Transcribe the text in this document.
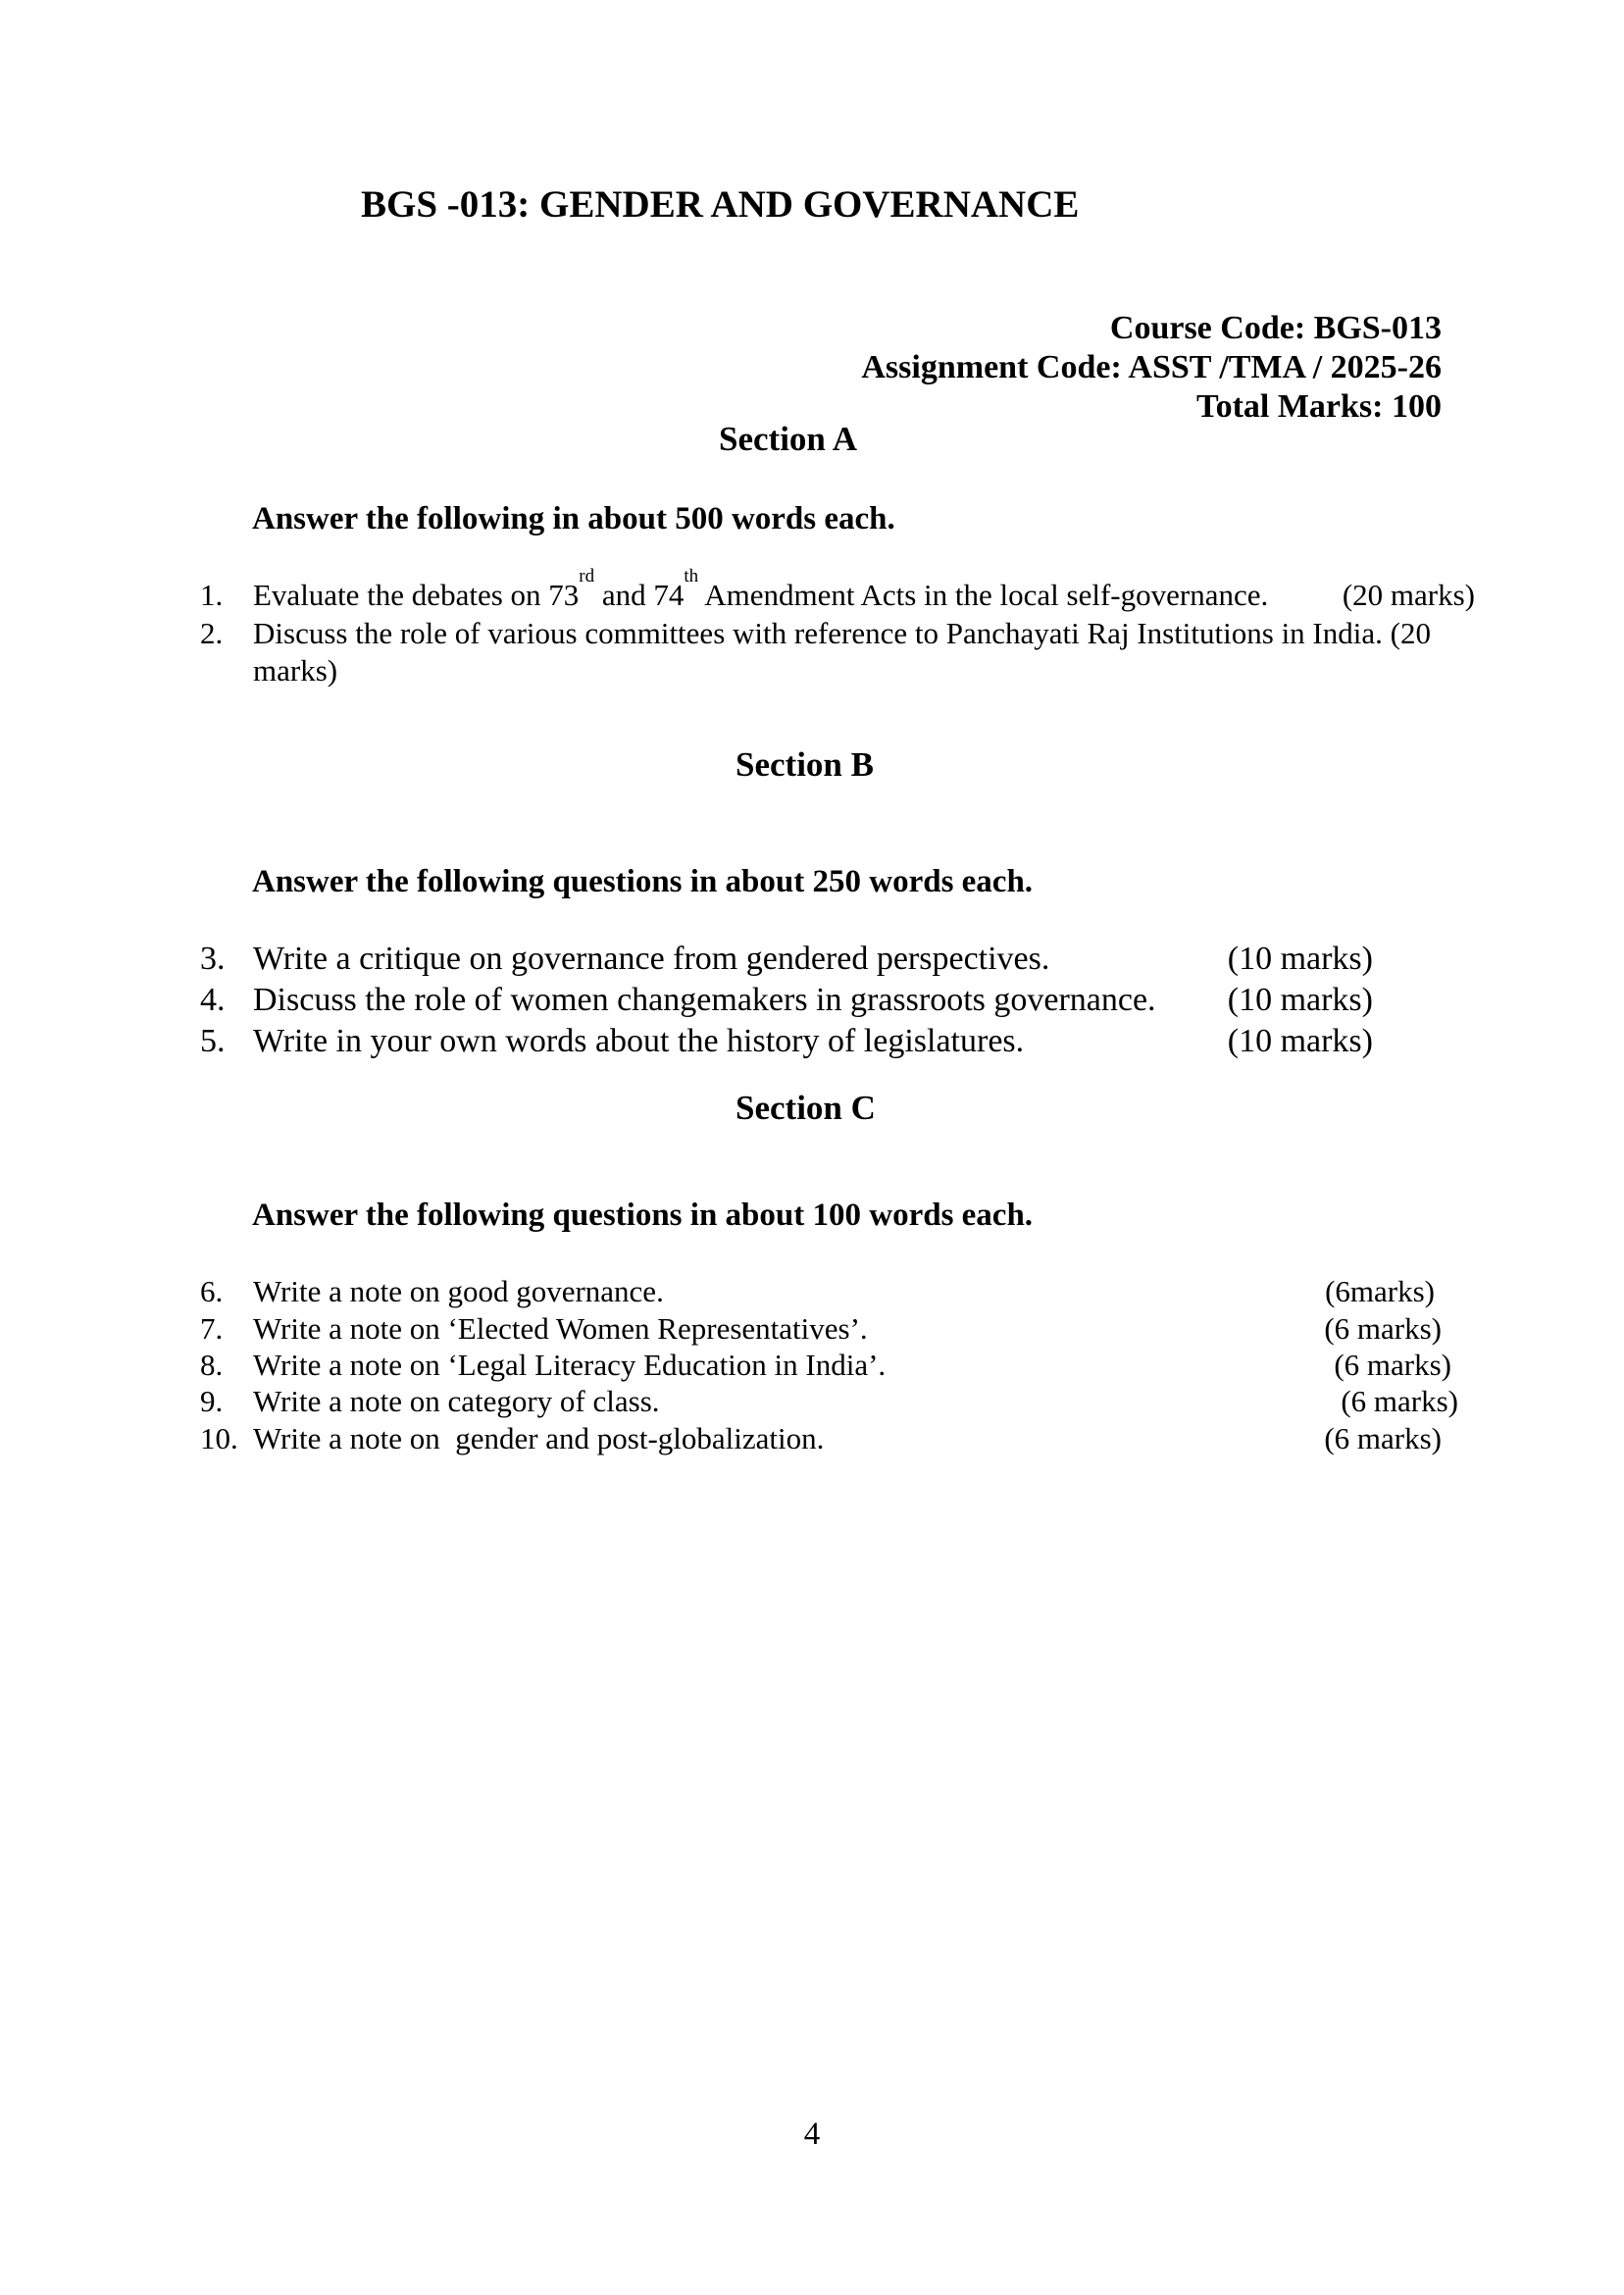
BGS -013: GENDER AND GOVERNANCE
Course Code: BGS-013
Assignment Code: ASST /TMA / 2025-26
Total Marks: 100
Section A
Answer the following in about 500 words each.
1. Evaluate the debates on 73rd and 74th Amendment Acts in the local self-governance. (20 marks)
2. Discuss the role of various committees with reference to Panchayati Raj Institutions in India. (20
marks)
Section B
Answer the following questions in about 250 words each.
3. Write a critique on governance from gendered perspectives.	(10 marks)
4. Discuss the role of women changemakers in grassroots governance. (10 marks)
5. Write in your own words about the history of legislatures.	(10 marks)
Section C
Answer the following questions in about 100 words each.
6. Write a note on good governance.	(6marks)
7. Write a note on ‘Elected Women Representatives’.	(6 marks)
8. Write a note on ‘Legal Literacy Education in India’.	(6 marks)
9. Write a note on category of class.	(6 marks)
10. Write a note on  gender and post-globalization.	(6 marks)
4
